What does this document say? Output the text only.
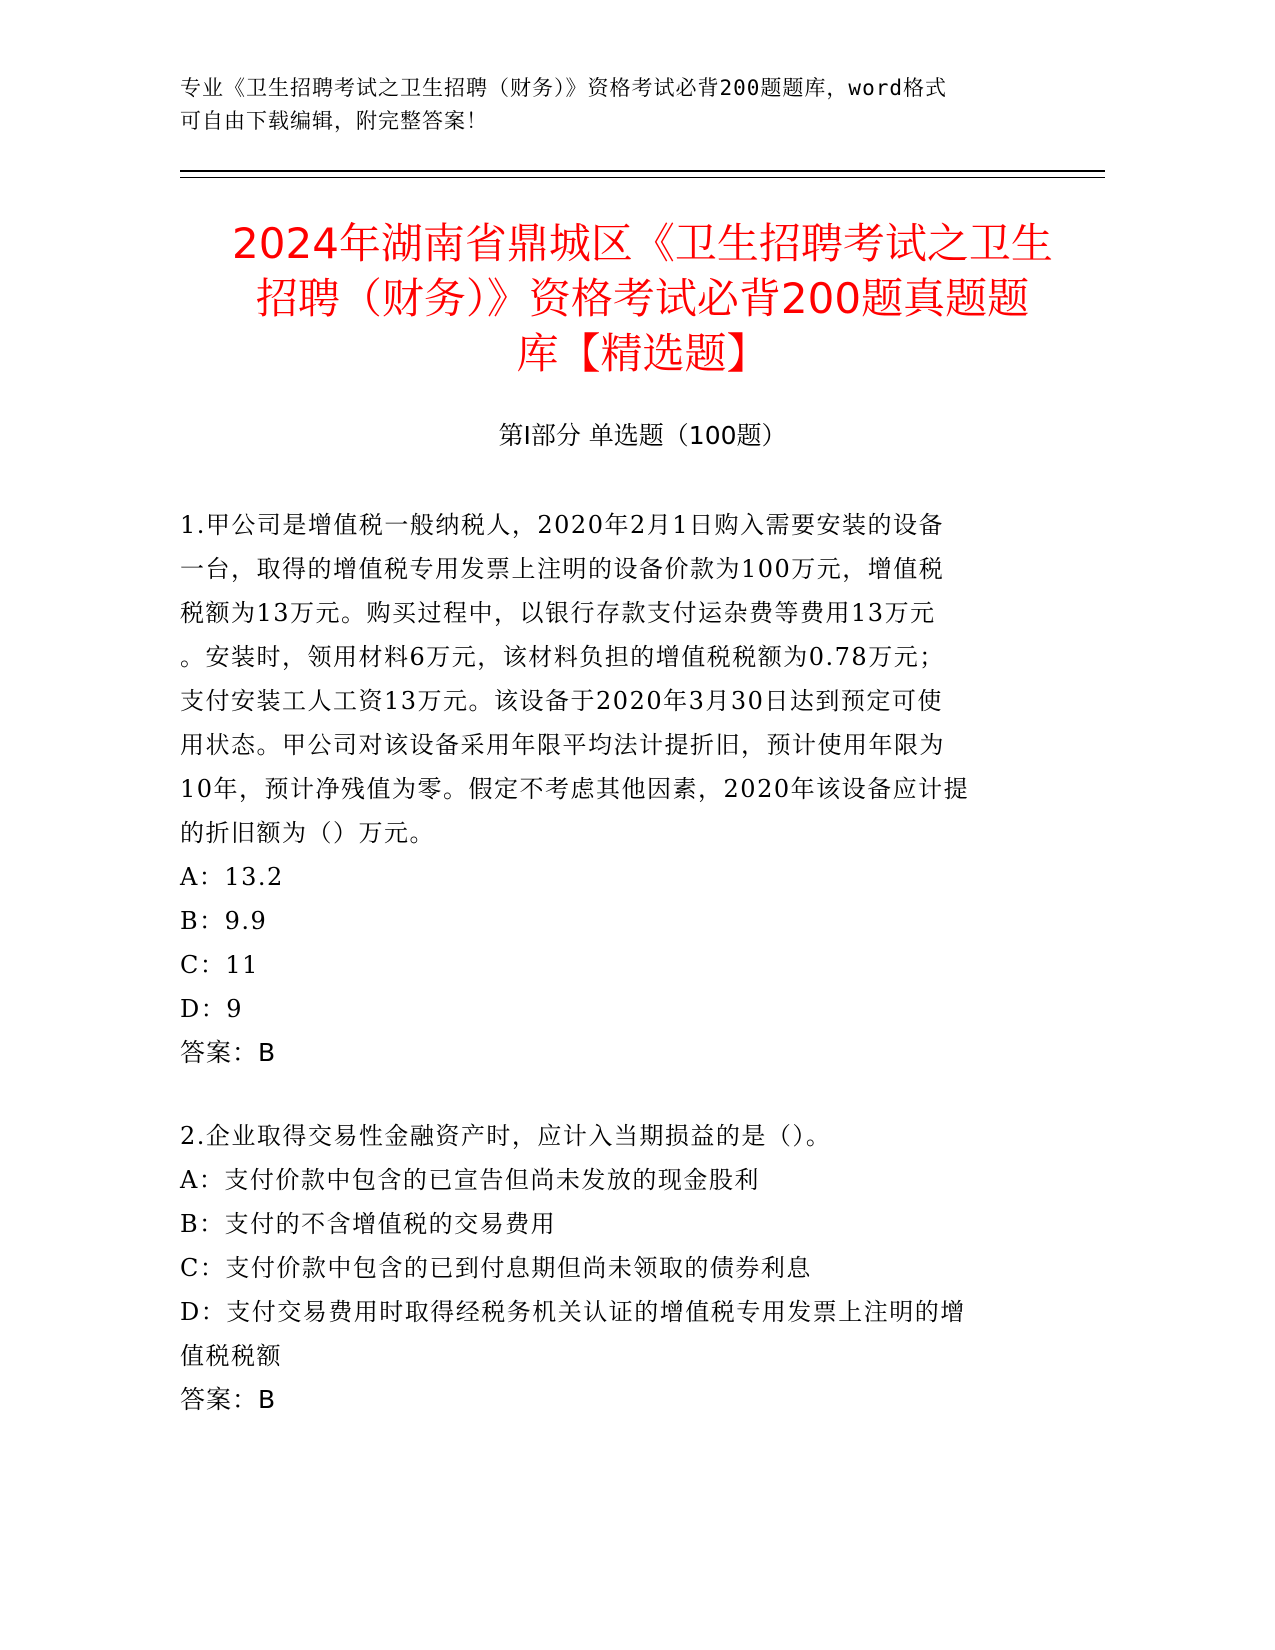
专业《卫生招聘考试之卫生招聘（财务）》资格考试必背200题题库，word格式
可自由下载编辑，附完整答案！
2024年湖南省鼎城区《卫生招聘考试之卫生
招聘（财务）》资格考试必背200题真题题
库【精选题】
第I部分 单选题（100题）
1.甲公司是增值税一般纳税人，2020年2月1日购入需要安装的设备
一台，取得的增值税专用发票上注明的设备价款为100万元，增值税
税额为13万元。购买过程中，以银行存款支付运杂费等费用13万元
。安装时，领用材料6万元，该材料负担的增值税税额为0.78万元；
支付安装工人工资13万元。该设备于2020年3月30日达到预定可使
用状态。甲公司对该设备采用年限平均法计提折旧，预计使用年限为
10年，预计净残值为零。假定不考虑其他因素，2020年该设备应计提
的折旧额为（）万元。
A：13.2
B：9.9
C：11
D：9
答案：B
2.企业取得交易性金融资产时，应计入当期损益的是（）。
A：支付价款中包含的已宣告但尚未发放的现金股利
B：支付的不含增值税的交易费用
C：支付价款中包含的已到付息期但尚未领取的债券利息
D：支付交易费用时取得经税务机关认证的增值税专用发票上注明的增
值税税额
答案：B
